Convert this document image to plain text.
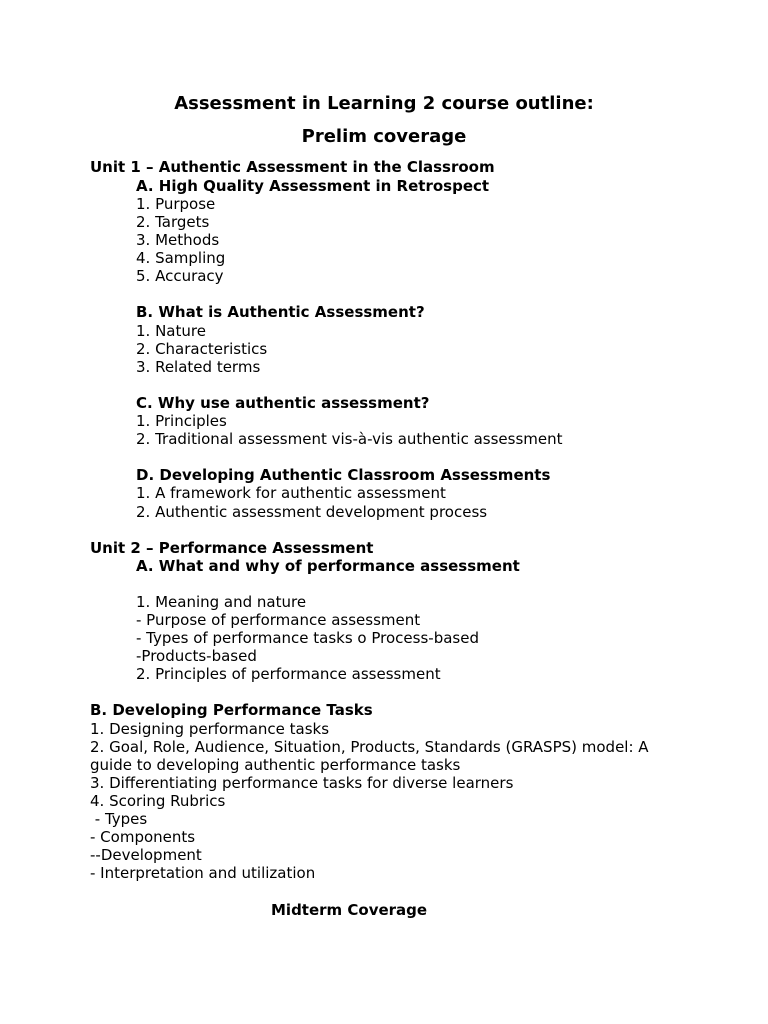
Assessment in Learning 2 course outline:
Prelim coverage
Unit 1 – Authentic Assessment in the Classroom
A. High Quality Assessment in Retrospect
1. Purpose
2. Targets
3. Methods
4. Sampling
5. Accuracy
B. What is Authentic Assessment?
1. Nature
2. Characteristics
3. Related terms
C. Why use authentic assessment?
1. Principles
2. Traditional assessment vis-à-vis authentic assessment
D. Developing Authentic Classroom Assessments
1. A framework for authentic assessment
2. Authentic assessment development process
Unit 2 – Performance Assessment
A. What and why of performance assessment
1. Meaning and nature
- Purpose of performance assessment
- Types of performance tasks o Process-based
-Products-based
2. Principles of performance assessment
B. Developing Performance Tasks
1. Designing performance tasks
2. Goal, Role, Audience, Situation, Products, Standards (GRASPS) model: A
guide to developing authentic performance tasks
3. Differentiating performance tasks for diverse learners
4. Scoring Rubrics
- Types
- Components
--Development
- Interpretation and utilization
Midterm Coverage
